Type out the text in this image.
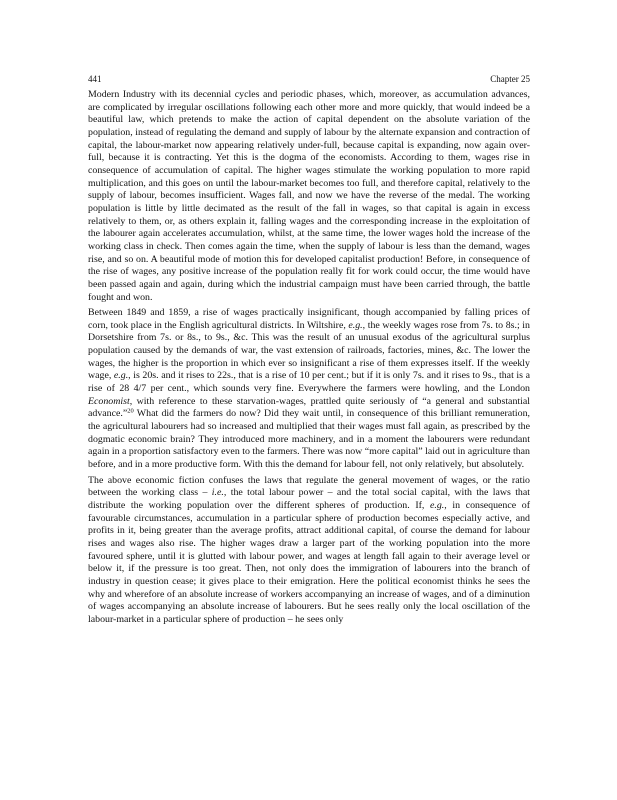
441	Chapter 25

Modern Industry with its decennial cycles and periodic phases, which, moreover, as accumulation advances, are complicated by irregular oscillations following each other more and more quickly, that would indeed be a beautiful law, which pretends to make the action of capital dependent on the absolute variation of the population, instead of regulating the demand and supply of labour by the alternate expansion and contraction of capital, the labour-market now appearing relatively under-full, because capital is expanding, now again over-full, because it is contracting. Yet this is the dogma of the economists. According to them, wages rise in consequence of accumulation of capital. The higher wages stimulate the working population to more rapid multiplication, and this goes on until the labour-market becomes too full, and therefore capital, relatively to the supply of labour, becomes insufficient. Wages fall, and now we have the reverse of the medal. The working population is little by little decimated as the result of the fall in wages, so that capital is again in excess relatively to them, or, as others explain it, falling wages and the corresponding increase in the exploitation of the labourer again accelerates accumulation, whilst, at the same time, the lower wages hold the increase of the working class in check. Then comes again the time, when the supply of labour is less than the demand, wages rise, and so on. A beautiful mode of motion this for developed capitalist production! Before, in consequence of the rise of wages, any positive increase of the population really fit for work could occur, the time would have been passed again and again, during which the industrial campaign must have been carried through, the battle fought and won.

Between 1849 and 1859, a rise of wages practically insignificant, though accompanied by falling prices of corn, took place in the English agricultural districts. In Wiltshire, e.g., the weekly wages rose from 7s. to 8s.; in Dorsetshire from 7s. or 8s., to 9s., &c. This was the result of an unusual exodus of the agricultural surplus population caused by the demands of war, the vast extension of railroads, factories, mines, &c. The lower the wages, the higher is the proportion in which ever so insignificant a rise of them expresses itself. If the weekly wage, e.g., is 20s. and it rises to 22s., that is a rise of 10 per cent.; but if it is only 7s. and it rises to 9s., that is a rise of 28 4/7 per cent., which sounds very fine. Everywhere the farmers were howling, and the London Economist, with reference to these starvation-wages, prattled quite seriously of “a general and substantial advance.”$^{20}$ What did the farmers do now? Did they wait until, in consequence of this brilliant remuneration, the agricultural labourers had so increased and multiplied that their wages must fall again, as prescribed by the dogmatic economic brain? They introduced more machinery, and in a moment the labourers were redundant again in a proportion satisfactory even to the farmers. There was now “more capital” laid out in agriculture than before, and in a more productive form. With this the demand for labour fell, not only relatively, but absolutely.

The above economic fiction confuses the laws that regulate the general movement of wages, or the ratio between the working class – i.e., the total labour power – and the total social capital, with the laws that distribute the working population over the different spheres of production. If, e.g., in consequence of favourable circumstances, accumulation in a particular sphere of production becomes especially active, and profits in it, being greater than the average profits, attract additional capital, of course the demand for labour rises and wages also rise. The higher wages draw a larger part of the working population into the more favoured sphere, until it is glutted with labour power, and wages at length fall again to their average level or below it, if the pressure is too great. Then, not only does the immigration of labourers into the branch of industry in question cease; it gives place to their emigration. Here the political economist thinks he sees the why and wherefore of an absolute increase of workers accompanying an increase of wages, and of a diminution of wages accompanying an absolute increase of labourers. But he sees really only the local oscillation of the labour-market in a particular sphere of production – he sees only
